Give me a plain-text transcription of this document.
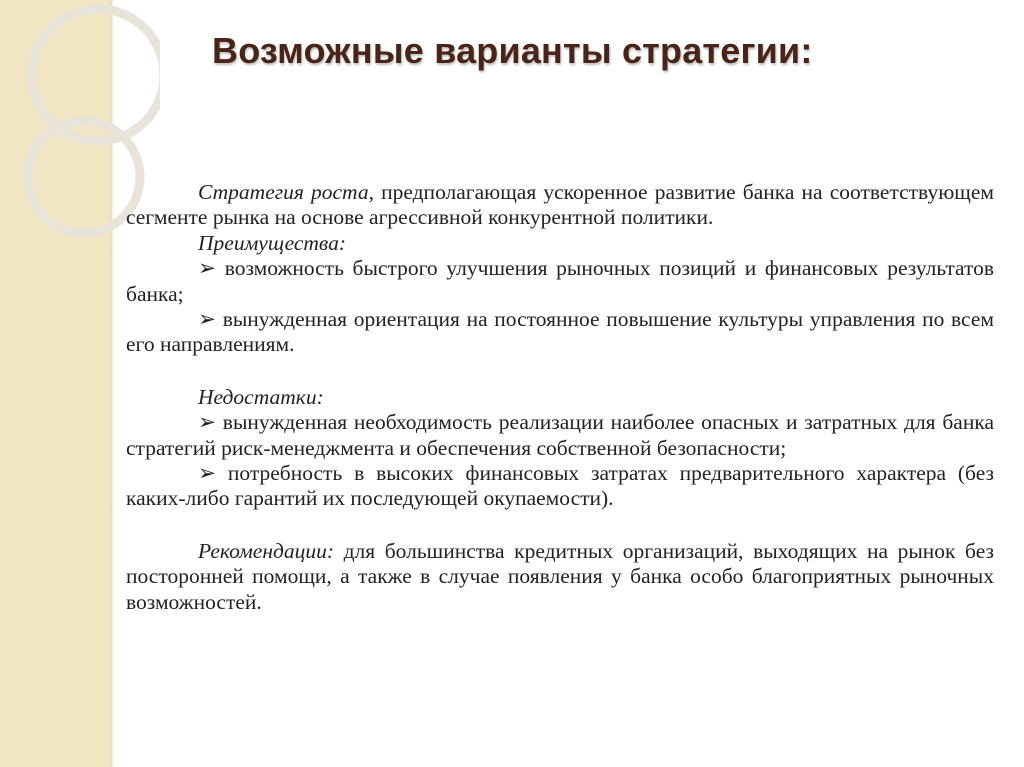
Возможные варианты стратегии:

Стратегия роста, предполагающая ускоренное развитие банка на соответствующем сегменте рынка на основе агрессивной конкурентной политики.

Преимущества:

➢ возможность быстрого улучшения рыночных позиций и финансовых результатов банка;

➢ вынужденная ориентация на постоянное повышение культуры управления по всем его направлениям.

Недостатки:

➢ вынужденная необходимость реализации наиболее опасных и затратных для банка стратегий риск-менеджмента и обеспечения собственной безопасности;

➢ потребность в высоких финансовых затратах предварительного характера (без каких-либо гарантий их последующей окупаемости).

Рекомендации: для большинства кредитных организаций, выходящих на рынок без посторонней помощи, а также в случае появления у банка особо благоприятных рыночных возможностей.
